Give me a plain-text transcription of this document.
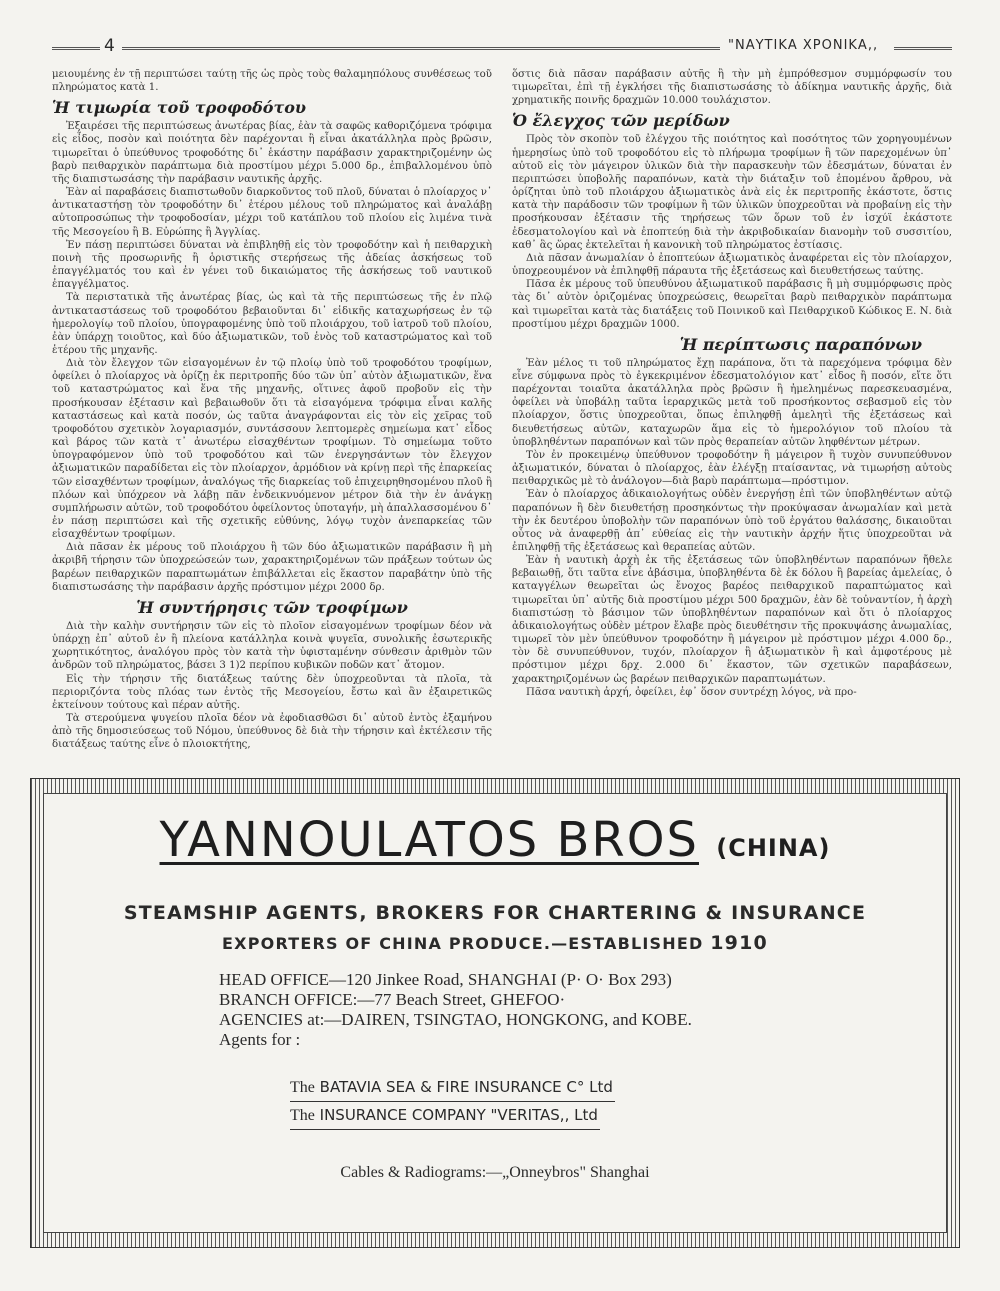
4	"ΝΑΥΤΙΚΑ ΧΡΟΝΙΚΑ,,

μειουμένης ἐν τῇ περιπτώσει ταύτῃ τῆς ὡς πρὸς τοὺς θαλαμηπόλους συνθέσεως τοῦ πληρώματος κατὰ 1.

Ἡ τιμωρία τοῦ τροφοδότου

Ἐξαιρέσει τῆς περιπτώσεως ἀνωτέρας βίας, ἐὰν τὰ σαφῶς καθοριζόμενα τρόφιμα εἰς εἶδος, ποσὸν καὶ ποιότητα δὲν παρέχονται ἢ εἶναι ἀκατάλληλα πρὸς βρῶσιν, τιμωρεῖται ὁ ὑπεύθυνος τροφοδότης δι᾽ ἑκάστην παράβασιν χαρακτηριζομένην ὡς βαρὺ πειθαρχικὸν παράπτωμα διὰ προστίμου μέχρι 5.000 δρ., ἐπιβαλλομένου ὑπὸ τῆς διαπιστωσάσης τὴν παράβασιν ναυτικῆς ἀρχῆς.

Ἐὰν αἱ παραβάσεις διαπιστωθοῦν διαρκοῦντος τοῦ πλοῦ, δύναται ὁ πλοίαρχος ν᾽ ἀντικαταστήσῃ τὸν τροφοδότην δι᾽ ἑτέρου μέλους τοῦ πληρώματος καὶ ἀναλάβῃ αὐτοπροσώπως τὴν τροφοδοσίαν, μέχρι τοῦ κατάπλου τοῦ πλοίου εἰς λιμένα τινὰ τῆς Μεσογείου ἢ Β. Εὐρώπης ἢ Ἀγγλίας.

Ἐν πάσῃ περιπτώσει δύναται νὰ ἐπιβληθῇ εἰς τὸν τροφοδότην καὶ ἡ πειθαρχικὴ ποινὴ τῆς προσωρινῆς ἢ ὁριστικῆς στερήσεως τῆς ἀδείας ἀσκήσεως τοῦ ἐπαγγέλματός του καὶ ἐν γένει τοῦ δικαιώματος τῆς ἀσκήσεως τοῦ ναυτικοῦ ἐπαγγέλματος.

Τὰ περιστατικὰ τῆς ἀνωτέρας βίας, ὡς καὶ τὰ τῆς περιπτώσεως τῆς ἐν πλῷ ἀντικαταστάσεως τοῦ τροφοδότου βεβαιοῦνται δι᾽ εἰδικῆς καταχωρήσεως ἐν τῷ ἡμερολογίῳ τοῦ πλοίου, ὑπογραφομένης ὑπὸ τοῦ πλοιάρχου, τοῦ ἰατροῦ τοῦ πλοίου, ἐὰν ὑπάρχῃ τοιοῦτος, καὶ δύο ἀξιωματικῶν, τοῦ ἑνὸς τοῦ καταστρώματος καὶ τοῦ ἑτέρου τῆς μηχανῆς.

Διὰ τὸν ἔλεγχον τῶν εἰσαγομένων ἐν τῷ πλοίῳ ὑπὸ τοῦ τροφοδότου τροφίμων, ὀφείλει ὁ πλοίαρχος νὰ ὁρίζῃ ἐκ περιτροπῆς δύο τῶν ὑπ᾽ αὐτὸν ἀξιωματικῶν, ἕνα τοῦ καταστρώματος καὶ ἕνα τῆς μηχανῆς, οἵτινες ἀφοῦ προβοῦν εἰς τὴν προσήκουσαν ἐξέτασιν καὶ βεβαιωθοῦν ὅτι τὰ εἰσαγόμενα τρόφιμα εἶναι καλῆς καταστάσεως καὶ κατὰ ποσόν, ὡς ταῦτα ἀναγράφονται εἰς τὸν εἰς χεῖρας τοῦ τροφοδότου σχετικὸν λογαριασμόν, συντάσσουν λεπτομερὲς σημείωμα κατ᾽ εἶδος καὶ βάρος τῶν κατὰ τ᾽ ἀνωτέρω εἰσαχθέντων τροφίμων. Τὸ σημείωμα τοῦτο ὑπογραφόμενον ὑπὸ τοῦ τροφοδότου καὶ τῶν ἐνεργησάντων τὸν ἔλεγχον ἀξιωματικῶν παραδίδεται εἰς τὸν πλοίαρχον, ἁρμόδιον νὰ κρίνῃ περὶ τῆς ἐπαρκείας τῶν εἰσαχθέντων τροφίμων, ἀναλόγως τῆς διαρκείας τοῦ ἐπιχειρηθησομένου πλοῦ ἢ πλόων καὶ ὑπόχρεον νὰ λάβῃ πᾶν ἐνδεικνυόμενον μέτρον διὰ τὴν ἐν ἀνάγκῃ συμπλήρωσιν αὐτῶν, τοῦ τροφοδότου ὀφείλοντος ὑποταγήν, μὴ ἀπαλλασσομένου δ᾽ ἐν πάσῃ περιπτώσει καὶ τῆς σχετικῆς εὐθύνης, λόγῳ τυχὸν ἀνεπαρκείας τῶν εἰσαχθέντων τροφίμων.

Διὰ πᾶσαν ἐκ μέρους τοῦ πλοιάρχου ἢ τῶν δύο ἀξιωματικῶν παράβασιν ἢ μὴ ἀκριβῆ τήρησιν τῶν ὑποχρεώσεών των, χαρακτηριζομένων τῶν πράξεων τούτων ὡς βαρέων πειθαρχικῶν παραπτωμάτων ἐπιβάλλεται εἰς ἕκαστον παραβάτην ὑπὸ τῆς διαπιστωσάσης τὴν παράβασιν ἀρχῆς πρόστιμον μέχρι 2000 δρ.

Ἡ συντήρησις τῶν τροφίμων

Διὰ τὴν καλὴν συντήρησιν τῶν εἰς τὸ πλοῖον εἰσαγομένων τροφίμων δέον νὰ ὑπάρχῃ ἐπ᾽ αὐτοῦ ἐν ἢ πλείονα κατάλληλα κοινὰ ψυγεῖα, συνολικῆς ἐσωτερικῆς χωρητικότητος, ἀναλόγου πρὸς τὸν κατὰ τὴν ὑφισταμένην σύνθεσιν ἀριθμὸν τῶν ἀνδρῶν τοῦ πληρώματος, βάσει 3 1)2 περίπου κυβικῶν ποδῶν κατ᾽ ἄτομον.

Εἰς τὴν τήρησιν τῆς διατάξεως ταύτης δὲν ὑποχρεοῦνται τὰ πλοῖα, τὰ περιοριζόντα τοὺς πλόας των ἐντὸς τῆς Μεσογείου, ἔστω καὶ ἂν ἐξαιρετικῶς ἐκτείνουν τούτους καὶ πέραν αὐτῆς.

Τὰ στερούμενα ψυγείου πλοῖα δέον νὰ ἐφοδιασθῶσι δι᾽ αὐτοῦ ἐντὸς ἑξαμήνου ἀπὸ τῆς δημοσιεύσεως τοῦ Νόμου, ὑπεύθυνος δὲ διὰ τὴν τήρησιν καὶ ἐκτέλεσιν τῆς διατάξεως ταύτης εἶνε ὁ πλοιοκτήτης,

ὅστις διὰ πᾶσαν παράβασιν αὐτῆς ἢ τὴν μὴ ἐμπρόθεσμον συμμόρφωσίν του τιμωρεῖται, ἐπὶ τῇ ἐγκλήσει τῆς διαπιστωσάσης τὸ ἀδίκημα ναυτικῆς ἀρχῆς, διὰ χρηματικῆς ποινῆς δραχμῶν 10.000 τουλάχιστον.

Ὁ ἔλεγχος τῶν μερίδων

Πρὸς τὸν σκοπὸν τοῦ ἐλέγχου τῆς ποιότητος καὶ ποσότητος τῶν χορηγουμένων ἡμερησίως ὑπὸ τοῦ τροφοδότου εἰς τὸ πλήρωμα τροφίμων ἢ τῶν παρεχομένων ὑπ᾽ αὐτοῦ εἰς τὸν μάγειρον ὑλικῶν διὰ τὴν παρασκευὴν τῶν ἐδεσμάτων, δύναται ἐν περιπτώσει ὑποβολῆς παραπόνων, κατὰ τὴν διάταξιν τοῦ ἑπομένου ἄρθρου, νὰ ὁρίζηται ὑπὸ τοῦ πλοιάρχου ἀξιωματικὸς ἀνὰ εἰς ἐκ περιτροπῆς ἑκάστοτε, ὅστις κατὰ τὴν παράδοσιν τῶν τροφίμων ἢ τῶν ὑλικῶν ὑποχρεοῦται νὰ προβαίνῃ εἰς τὴν προσήκουσαν ἐξέτασιν τῆς τηρήσεως τῶν ὅρων τοῦ ἐν ἰσχύϊ ἑκάστοτε ἐδεσματολογίου καὶ νὰ ἐποπτεύῃ διὰ τὴν ἀκριβοδικαίαν διανομὴν τοῦ συσσιτίου, καθ᾽ ἃς ὥρας ἐκτελεῖται ἡ κανονικὴ τοῦ πληρώματος ἑστίασις.

Διὰ πᾶσαν ἀνωμαλίαν ὁ ἐποπτεύων ἀξιωματικὸς ἀναφέρεται εἰς τὸν πλοίαρχον, ὑποχρεουμένον νὰ ἐπιληφθῇ πάραυτα τῆς ἐξετάσεως καὶ διευθετήσεως ταύτης.

Πᾶσα ἐκ μέρους τοῦ ὑπευθύνου ἀξιωματικοῦ παράβασις ἢ μὴ συμμόρφωσις πρὸς τὰς δι᾽ αὐτὸν ὁριζομένας ὑποχρεώσεις, θεωρεῖται βαρὺ πειθαρχικὸν παράπτωμα καὶ τιμωρεῖται κατὰ τὰς διατάξεις τοῦ Ποινικοῦ καὶ Πειθαρχικοῦ Κώδικος Ε. Ν. διὰ προστίμου μέχρι δραχμῶν 1000.

Ἡ περίπτωσις παραπόνων

Ἐὰν μέλος τι τοῦ πληρώματος ἔχῃ παράπονα, ὅτι τὰ παρεχόμενα τρόφιμα δὲν εἶνε σύμφωνα πρὸς τὸ ἐγκεκριμένον ἐδεσματολόγιον κατ᾽ εἶδος ἢ ποσόν, εἴτε ὅτι παρέχονται τοιαῦτα ἀκατάλληλα πρὸς βρῶσιν ἢ ἠμελημένως παρεσκευασμένα, ὀφείλει νὰ ὑποβάλῃ ταῦτα ἱεραρχικῶς μετὰ τοῦ προσήκοντος σεβασμοῦ εἰς τὸν πλοίαρχον, ὅστις ὑποχρεοῦται, ὅπως ἐπιληφθῇ ἀμελητὶ τῆς ἐξετάσεως καὶ διευθετήσεως αὐτῶν, καταχωρῶν ἅμα εἰς τὸ ἡμερολόγιον τοῦ πλοίου τὰ ὑποβληθέντων παραπόνων καὶ τῶν πρὸς θεραπείαν αὐτῶν ληφθέντων μέτρων.

Τὸν ἐν προκειμένῳ ὑπεύθυνον τροφοδότην ἢ μάγειρον ἢ τυχὸν συνυπεύθυνον ἀξιωματικόν, δύναται ὁ πλοίαρχος, ἐὰν ἐλέγξῃ πταίσαντας, νὰ τιμωρήσῃ αὐτοὺς πειθαρχικῶς μὲ τὸ ἀνάλογον—διὰ βαρὺ παράπτωμα—πρόστιμον.

Ἐὰν ὁ πλοίαρχος ἀδικαιολογήτως οὐδὲν ἐνεργήσῃ ἐπὶ τῶν ὑποβληθέντων αὐτῷ παραπόνων ἢ δὲν διευθετήσῃ προσηκόντως τὴν προκύψασαν ἀνωμαλίαν καὶ μετὰ τὴν ἐκ δευτέρου ὑποβολὴν τῶν παραπόνων ὑπὸ τοῦ ἐργάτου θαλάσσης, δικαιοῦται οὗτος νὰ ἀναφερθῇ ἀπ᾽ εὐθείας εἰς τὴν ναυτικὴν ἀρχήν ἥτις ὑποχρεοῦται νὰ ἐπιληφθῇ τῆς ἐξετάσεως καὶ θεραπείας αὐτῶν.

Ἐὰν ἡ ναυτικὴ ἀρχὴ ἐκ τῆς ἐξετάσεως τῶν ὑποβληθέντων παραπόνων ἤθελε βεβαιωθῇ, ὅτι ταῦτα εἶνε ἀβάσιμα, ὑποβληθέντα δὲ ἐκ δόλου ἢ βαρείας ἀμελείας, ὁ καταγγέλων θεωρεῖται ὡς ἔνοχος βαρέος πειθαρχικοῦ παραπτώματος καὶ τιμωρεῖται ὑπ᾽ αὐτῆς διὰ προστίμου μέχρι 500 δραχμῶν, ἐὰν δὲ τοὐναντίον, ἡ ἀρχὴ διαπιστώσῃ τὸ βάσιμον τῶν ὑποβληθέντων παραπόνων καὶ ὅτι ὁ πλοίαρχος ἀδικαιολογήτως οὐδὲν μέτρον ἔλαβε πρὸς διευθέτησιν τῆς προκυψάσης ἀνωμαλίας, τιμωρεῖ τὸν μὲν ὑπεύθυνον τροφοδότην ἢ μάγειρον μὲ πρόστιμον μέχρι 4.000 δρ., τὸν δὲ συνυπεύθυνον, τυχόν, πλοίαρχον ἢ ἀξιωματικὸν ἢ καὶ ἀμφοτέρους μὲ πρόστιμον μέχρι δρχ. 2.000 δι᾽ ἕκαστον, τῶν σχετικῶν παραβάσεων, χαρακτηριζομένων ὡς βαρέων πειθαρχικῶν παραπτωμάτων.

Πᾶσα ναυτικὴ ἀρχή, ὀφείλει, ἐφ᾽ ὅσον συντρέχῃ λόγος, νὰ προ-

YANNOULATOS BROS (CHINA)
STEAMSHIP AGENTS, BROKERS FOR CHARTERING & INSURANCE
EXPORTERS OF CHINA PRODUCE.—ESTABLISHED 1910
HEAD OFFICE—120 Jinkee Road, SHANGHAI (P· O· Box 293)
BRANCH OFFICE:—77 Beach Street, GHEFOO·
AGENCIES at:—DAIREN, TSINGTAO, HONGKONG, and KOBE.
Agents for :
The BATAVIA SEA & FIRE INSURANCE C° Ltd
The INSURANCE COMPANY "VERITAS,, Ltd
Cables & Radiograms:—„Onneybros" Shanghai
